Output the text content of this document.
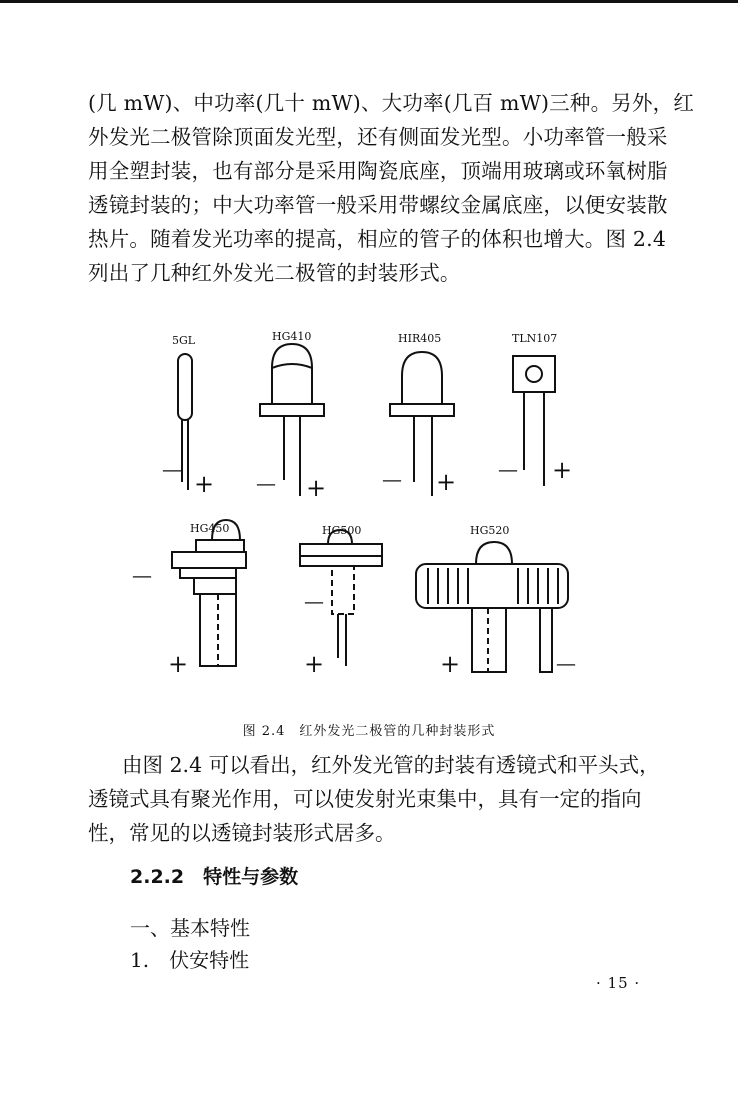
(几 mW)、中功率(几十 mW)、大功率(几百 mW)三种。另外，红
外发光二极管除顶面发光型，还有侧面发光型。小功率管一般采
用全塑封装，也有部分是采用陶瓷底座，顶端用玻璃或环氧树脂
透镜封装的；中大功率管一般采用带螺纹金属底座，以便安装散
热片。随着发光功率的提高，相应的管子的体积也增大。图 2.4
列出了几种红外发光二极管的封装形式。
5GL	HG410	HIR405	TLN107
HG450	HG500	HG520
—
+ — +	— + — +
—
+
—
+	+	—
图 2.4　红外发光二极管的几种封装形式
由图 2.4 可以看出，红外发光管的封装有透镜式和平头式，
透镜式具有聚光作用，可以使发射光束集中，具有一定的指向
性，常见的以透镜封装形式居多。
2.2.2　特性与参数
一、基本特性
1.　伏安特性
· 15 ·
